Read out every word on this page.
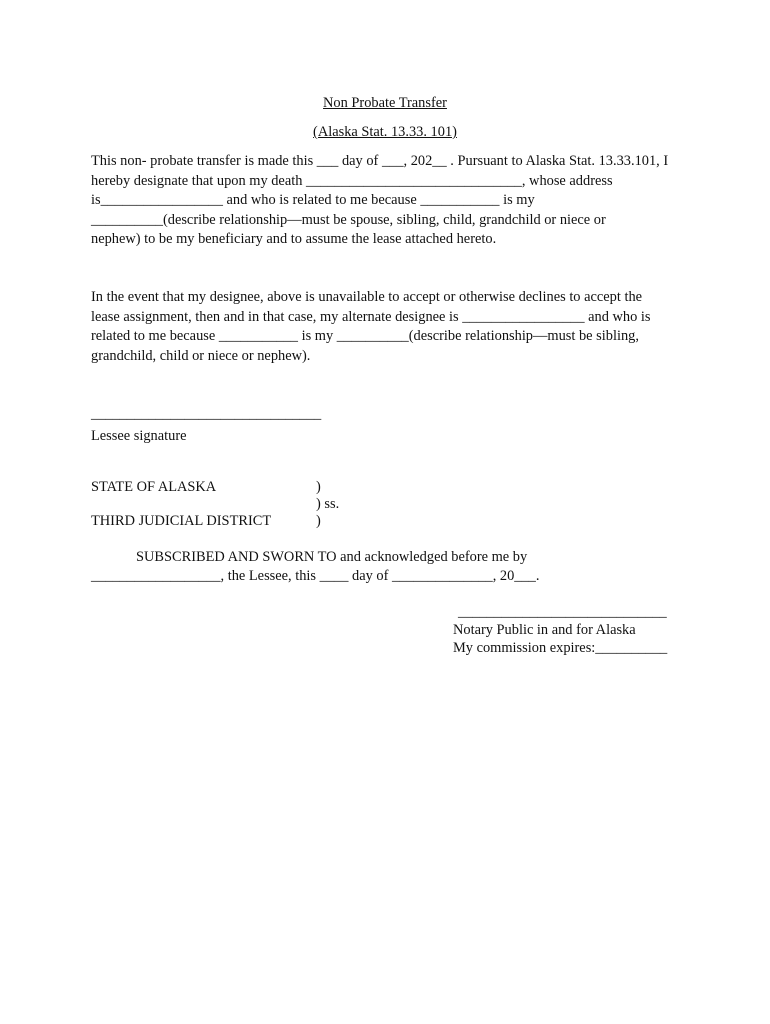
Non Probate Transfer
(Alaska Stat. 13.33. 101)
This non- probate transfer is made this ___ day of ___, 202__ . Pursuant to Alaska Stat. 13.33.101, I
hereby designate that upon my death ______________________________, whose address
is_________________ and who is related to me because ___________ is my
__________(describe relationship—must be spouse, sibling, child, grandchild or niece or
nephew) to be my beneficiary and to assume the lease attached hereto.
In the event that my designee, above is unavailable to accept or otherwise declines to accept the
lease assignment, then and in that case, my alternate designee is _________________ and who is
related to me because ___________ is my __________(describe relationship—must be sibling,
grandchild, child or niece or nephew).
________________________________
Lessee signature
STATE OF ALASKA
THIRD JUDICIAL DISTRICT
)
) ss.
)
SUBSCRIBED AND SWORN TO and acknowledged before me by
__________________, the Lessee, this ____ day of ______________, 20___.
_____________________________
Notary Public in and for Alaska
My commission expires:__________
